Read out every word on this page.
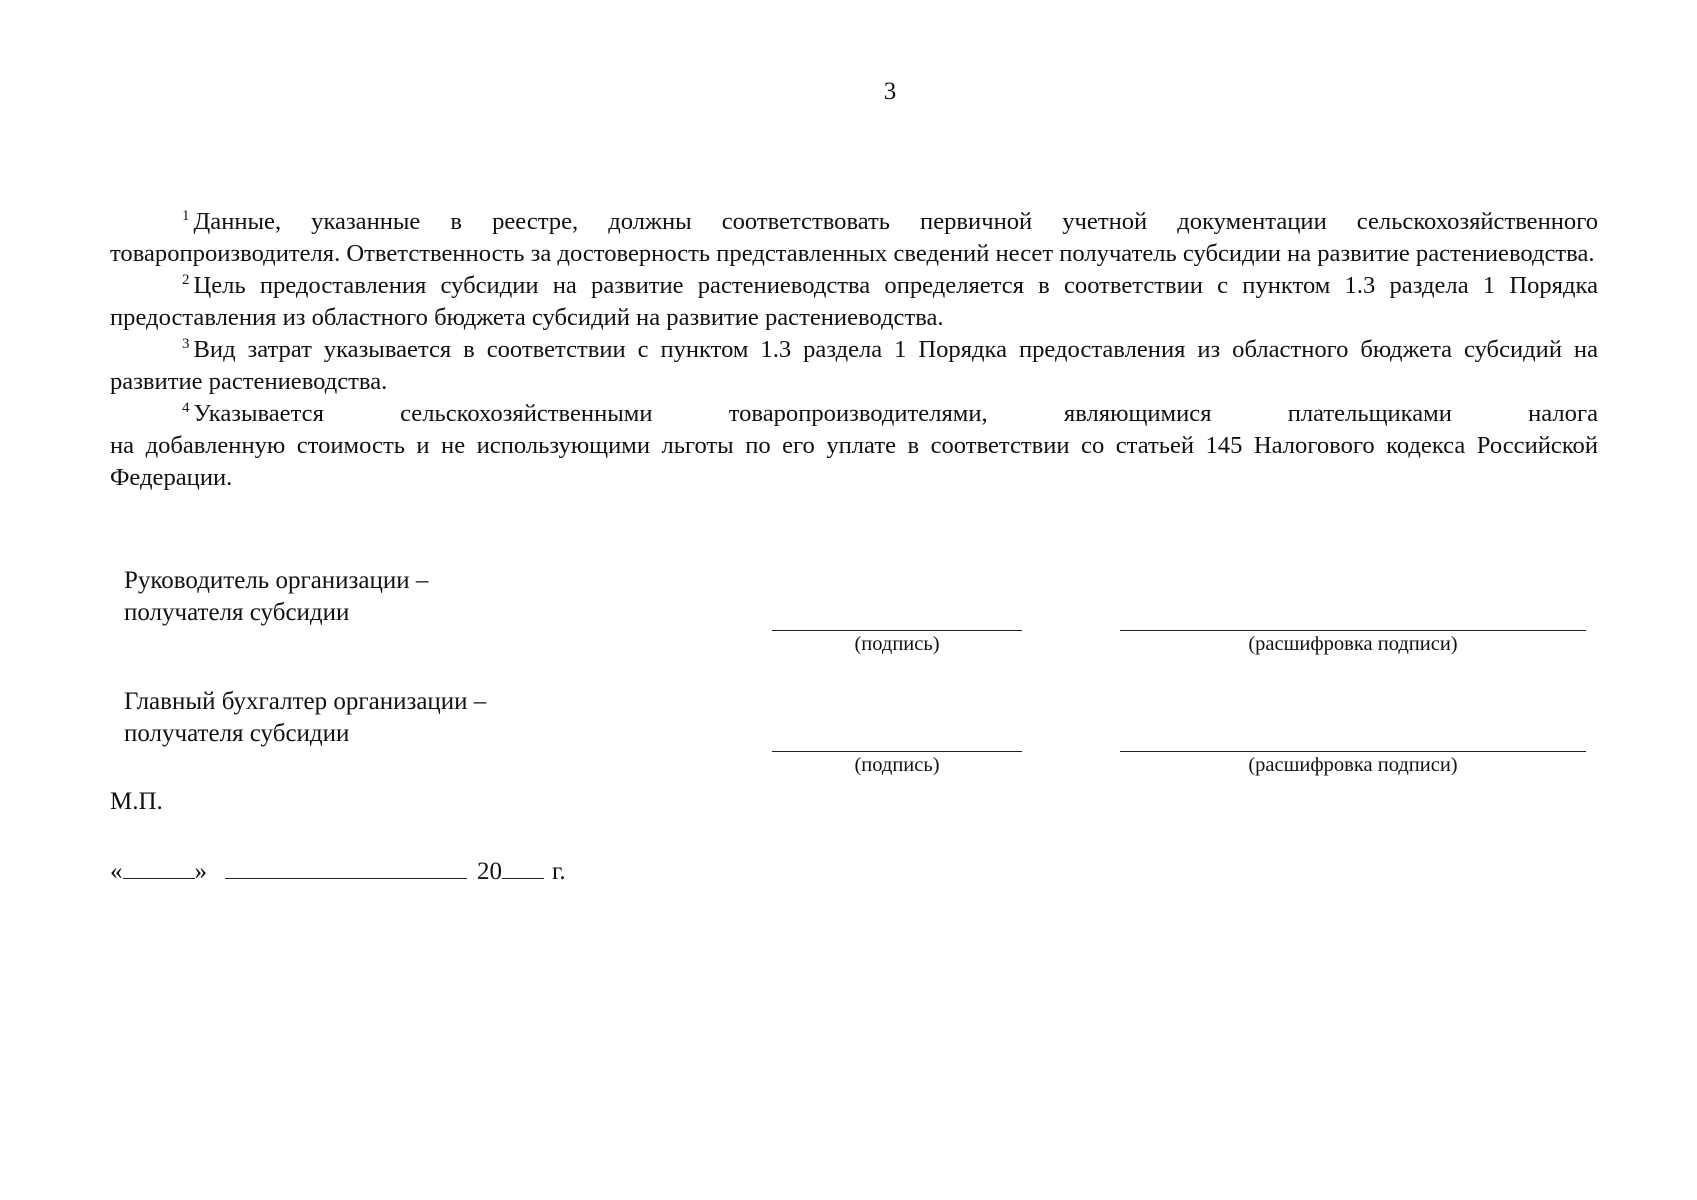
3

$^1$ Данные, указанные в реестре, должны соответствовать первичной учетной документации сельскохозяйственного товаропроизводителя. Ответственность за достоверность представленных сведений несет получатель субсидии на развитие растениеводства.

$^2$ Цель предоставления субсидии на развитие растениеводства определяется в соответствии с пунктом 1.3 раздела 1 Порядка предоставления из областного бюджета субсидий на развитие растениеводства.

$^3$ Вид затрат указывается в соответствии с пунктом 1.3 раздела 1 Порядка предоставления из областного бюджета субсидий на развитие растениеводства.

$^4$ Указывается сельскохозяйственными товаропроизводителями, являющимися плательщиками налога
на добавленную стоимость и не использующими льготы по его уплате в соответствии со статьей 145 Налогового кодекса Российской Федерации.

Руководитель организации –
получателя субсидии
(подпись)	(расшифровка подписи)
Главный бухгалтер организации –
получателя субсидии
(подпись)	(расшифровка подписи)
М.П.
«	»	20 г.
